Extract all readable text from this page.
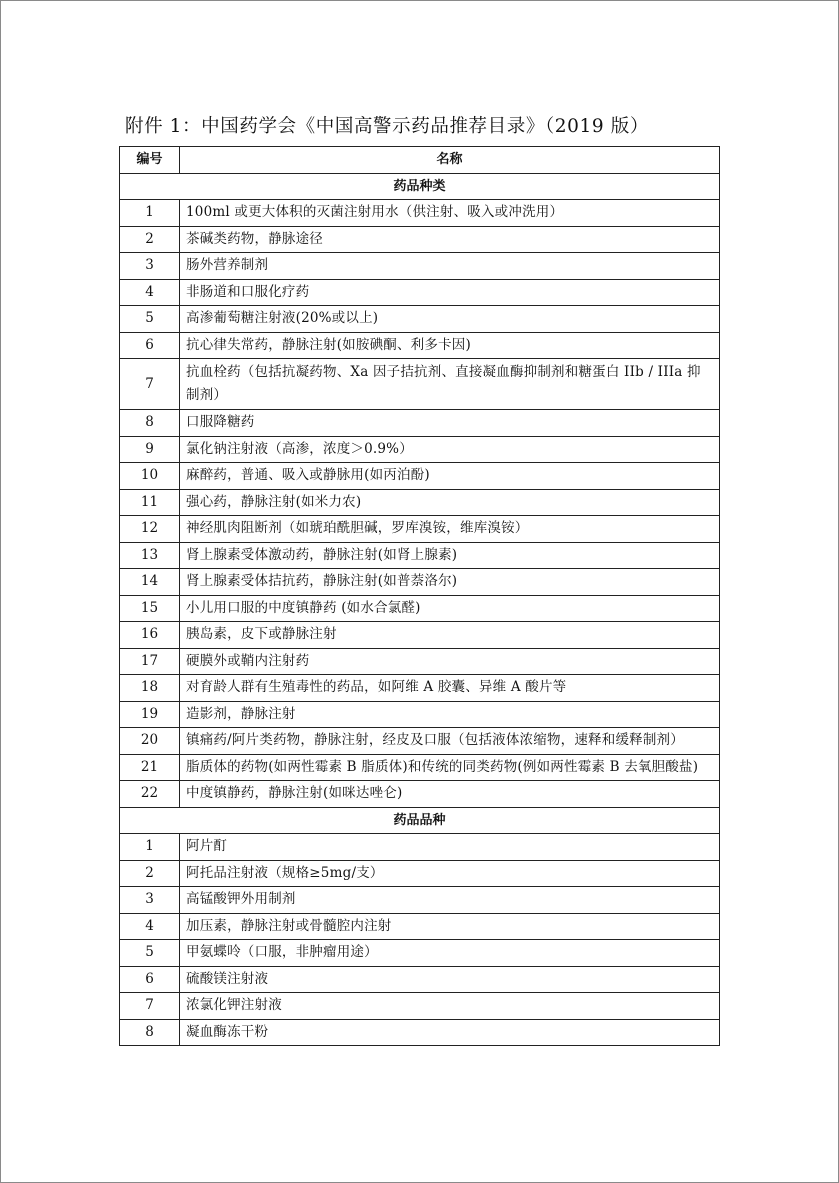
附件 1：中国药学会《中国高警示药品推荐目录》（2019 版）
编号	名称
药品种类	
1	100ml 或更大体积的灭菌注射用水（供注射、吸入或冲洗用）
2	茶碱类药物，静脉途径
3	肠外营养制剂
4	非肠道和口服化疗药
5	高渗葡萄糖注射液(20%或以上)
6	抗心律失常药，静脉注射(如胺碘酮、利多卡因)
7	抗血栓药（包括抗凝药物、Xa 因子拮抗剂、直接凝血酶抑制剂和糖蛋白 IIb / IIIa 抑制剂）
8	口服降糖药
9	氯化钠注射液（高渗，浓度＞0.9%）
10	麻醉药，普通、吸入或静脉用(如丙泊酚)
11	强心药，静脉注射(如米力农)
12	神经肌肉阻断剂（如琥珀酰胆碱，罗库溴铵，维库溴铵）
13	肾上腺素受体激动药，静脉注射(如肾上腺素)
14	肾上腺素受体拮抗药，静脉注射(如普萘洛尔)
15	小儿用口服的中度镇静药 (如水合氯醛)
16	胰岛素，皮下或静脉注射
17	硬膜外或鞘内注射药
18	对育龄人群有生殖毒性的药品，如阿维 A 胶囊、异维 A 酸片等
19	造影剂，静脉注射
20	镇痛药/阿片类药物，静脉注射，经皮及口服（包括液体浓缩物，速释和缓释制剂）
21	脂质体的药物(如两性霉素 B 脂质体)和传统的同类药物(例如两性霉素 B 去氧胆酸盐)
22	中度镇静药，静脉注射(如咪达唑仑)
药品品种	
1	阿片酊
2	阿托品注射液（规格≥5mg/支）
3	高锰酸钾外用制剂
4	加压素，静脉注射或骨髓腔内注射
5	甲氨蝶呤（口服，非肿瘤用途）
6	硫酸镁注射液
7	浓氯化钾注射液
8	凝血酶冻干粉
